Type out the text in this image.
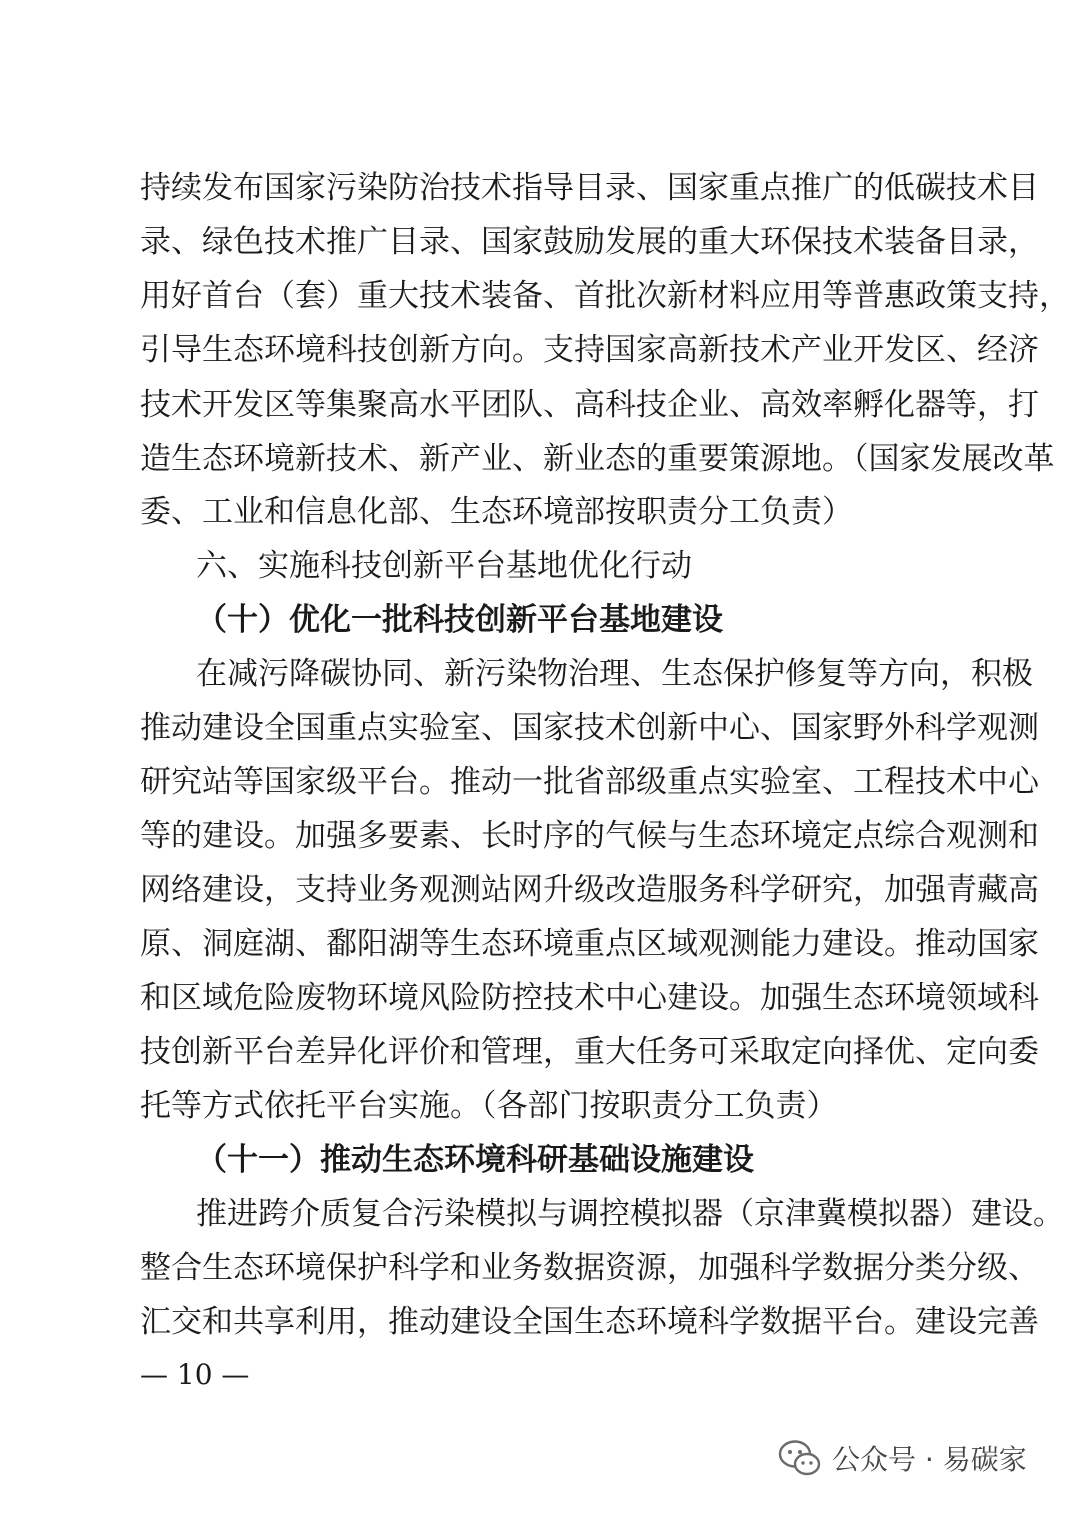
持续发布国家污染防治技术指导目录、国家重点推广的低碳技术目
录、绿色技术推广目录、国家鼓励发展的重大环保技术装备目录，
用好首台（套）重大技术装备、首批次新材料应用等普惠政策支持，
引导生态环境科技创新方向。支持国家高新技术产业开发区、经济
技术开发区等集聚高水平团队、高科技企业、高效率孵化器等，打
造生态环境新技术、新产业、新业态的重要策源地。（国家发展改革
委、工业和信息化部、生态环境部按职责分工负责）
六、实施科技创新平台基地优化行动
（十）优化一批科技创新平台基地建设
在减污降碳协同、新污染物治理、生态保护修复等方向，积极
推动建设全国重点实验室、国家技术创新中心、国家野外科学观测
研究站等国家级平台。推动一批省部级重点实验室、工程技术中心
等的建设。加强多要素、长时序的气候与生态环境定点综合观测和
网络建设，支持业务观测站网升级改造服务科学研究，加强青藏高
原、洞庭湖、鄱阳湖等生态环境重点区域观测能力建设。推动国家
和区域危险废物环境风险防控技术中心建设。加强生态环境领域科
技创新平台差异化评价和管理，重大任务可采取定向择优、定向委
托等方式依托平台实施。（各部门按职责分工负责）
（十一）推动生态环境科研基础设施建设
推进跨介质复合污染模拟与调控模拟器（京津冀模拟器）建设。
整合生态环境保护科学和业务数据资源，加强科学数据分类分级、
汇交和共享利用，推动建设全国生态环境科学数据平台。建设完善
— 10 —
公众号 · 易碳家
